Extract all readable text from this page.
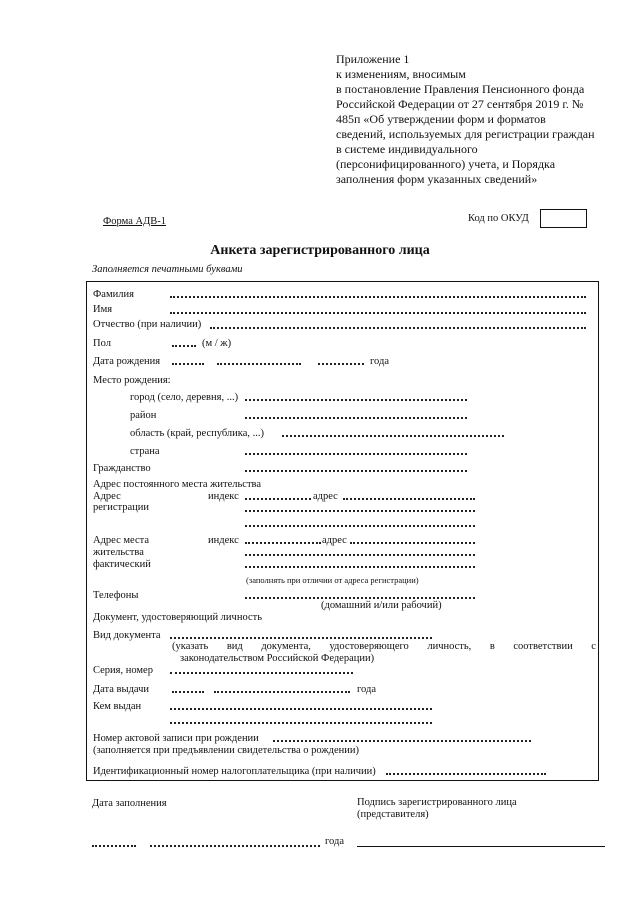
Приложение 1
к изменениям, вносимым
в постановление Правления Пенсионного фонда Российской Федерации от 27 сентября 2019 г. № 485п «Об утверждении форм и форматов сведений, используемых для регистрации граждан в системе индивидуального (персонифицированного) учета, и Порядка заполнения форм указанных сведений»
Форма АДВ-1	Код по ОКУД
Анкета зарегистрированного лица
Заполняется печатными буквами
Фамилия
Имя
Отчество (при наличии)
Пол	(м / ж)
Дата рождения	года
Место рождения:
город (село, деревня, ...)
район
область (край, республика, ...)
страна
Гражданство
Адрес постоянного места жительства
Адрес
регистрации
индекс	адрес
Адрес места
жительства
фактический
индекс	адрес
(заполнять при отличии от адреса регистрации)
Телефоны
(домашний и/или рабочий)
Документ, удостоверяющий личность
Вид документа
(указать вид документа, удостоверяющего личность, в соответствии с
законодательством Российской Федерации)
Серия, номер
Дата выдачи	года
Кем выдан
Номер актовой записи при рождении
(заполняется при предъявлении свидетельства о рождении)
Идентификационный номер налогоплательщика (при наличии)
Дата заполнения	Подпись зарегистрированного лица
(представителя)
года
